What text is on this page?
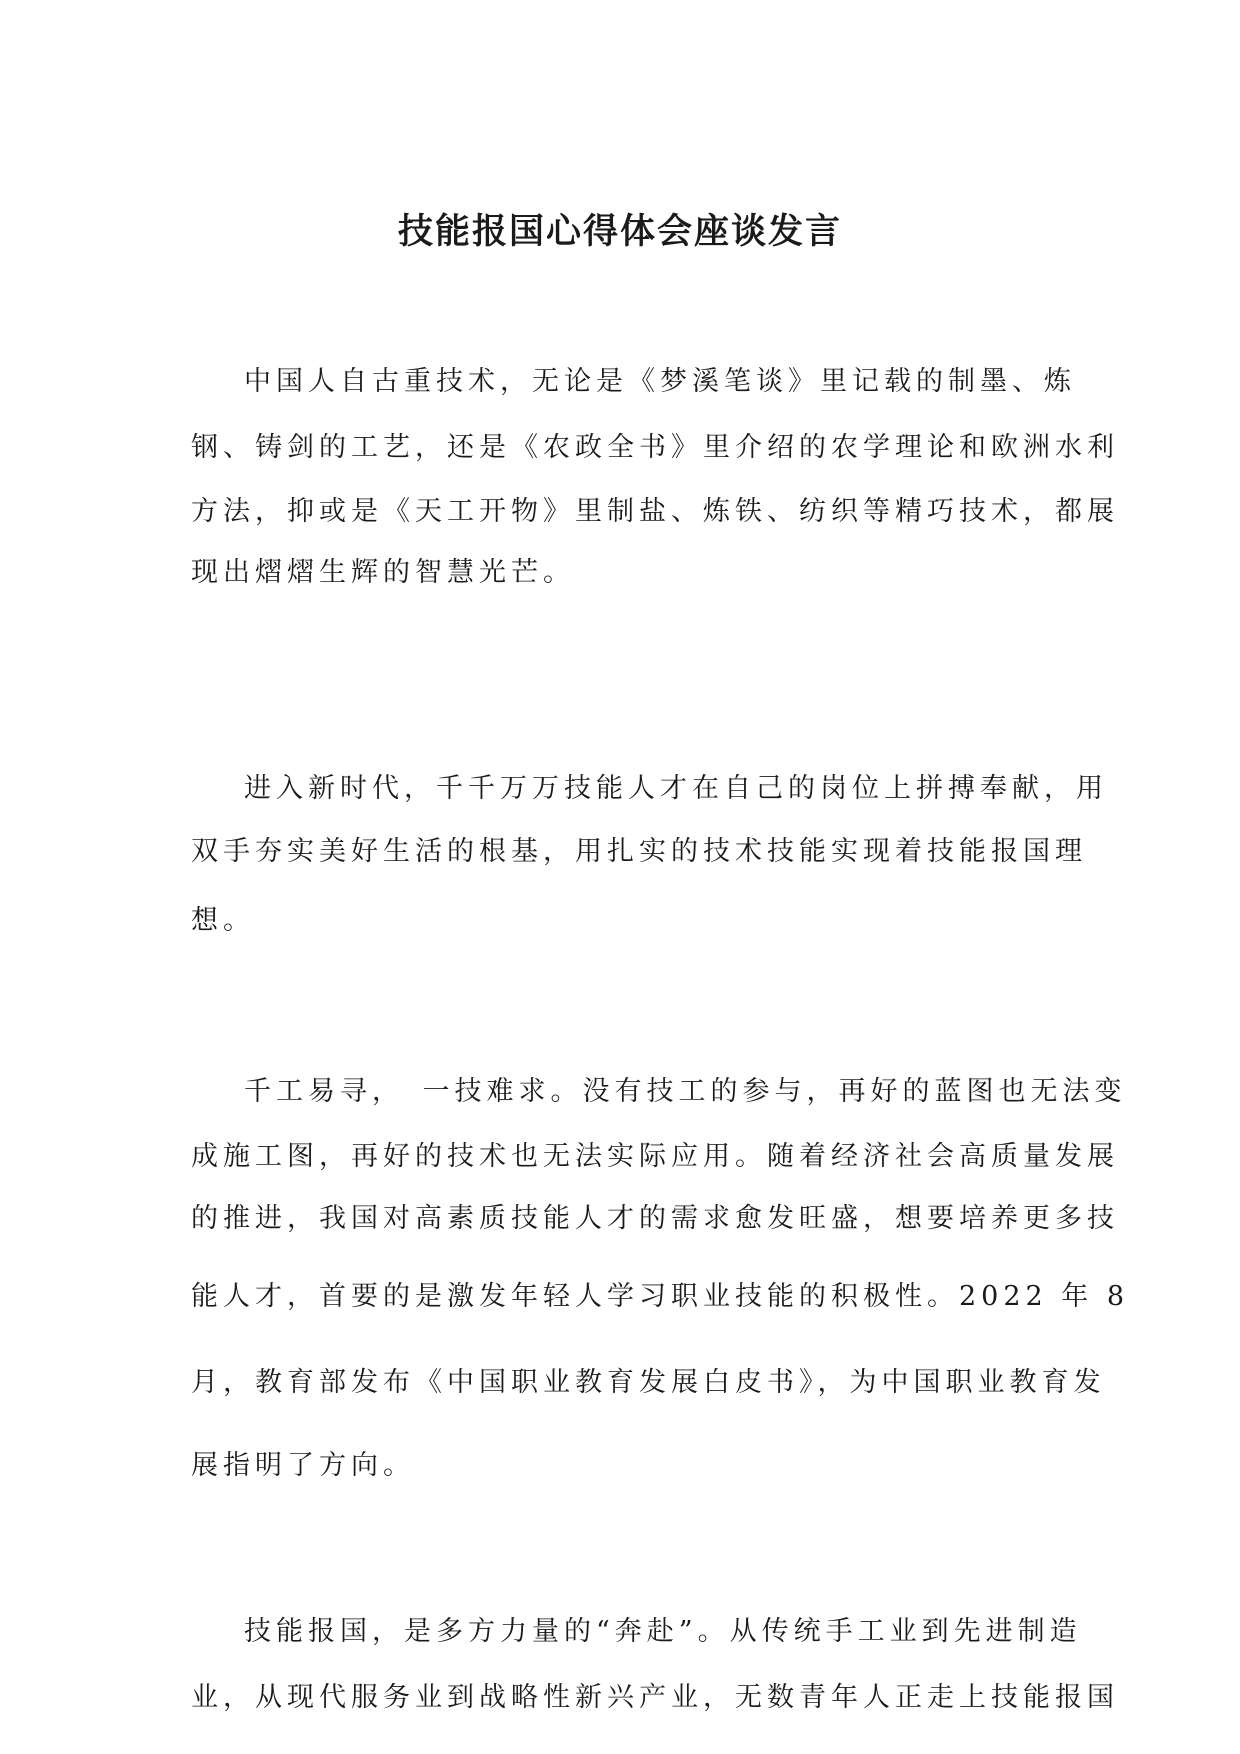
技能报国心得体会座谈发言
中国人自古重技术，无论是《梦溪笔谈》里记载的制墨、炼
钢、铸剑的工艺，还是《农政全书》里介绍的农学理论和欧洲水利
方法，抑或是《天工开物》里制盐、炼铁、纺织等精巧技术，都展
现出熠熠生辉的智慧光芒。
进入新时代，千千万万技能人才在自己的岗位上拼搏奉献，用
双手夯实美好生活的根基，用扎实的技术技能实现着技能报国理
想。
千工易寻，　一技难求。没有技工的参与，再好的蓝图也无法变
成施工图，再好的技术也无法实际应用。随着经济社会高质量发展
的推进，我国对高素质技能人才的需求愈发旺盛，想要培养更多技
能人才，首要的是激发年轻人学习职业技能的积极性。2022 年 8
月，教育部发布《中国职业教育发展白皮书》，为中国职业教育发
展指明了方向。
技能报国，是多方力量的“奔赴”。从传统手工业到先进制造
业，从现代服务业到战略性新兴产业，无数青年人正走上技能报国
